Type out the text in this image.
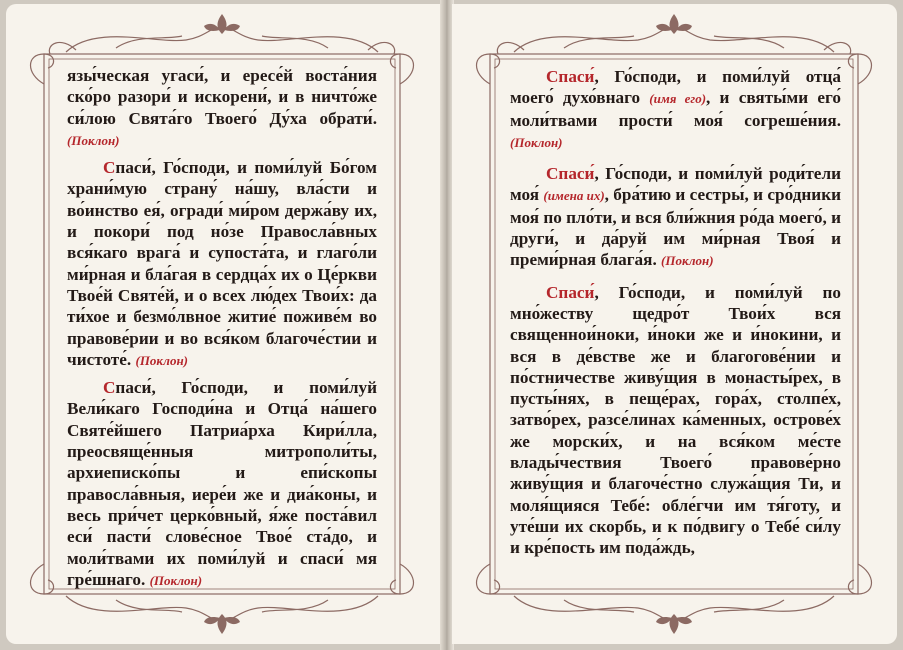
язы́ческая угаси́, и ересе́й воста́ния ско́ро разори́ и искорени́, и в ничто́же си́лою Свята́го Твоего́ Ду́ха обрати́. (Поклон)

Спаси́, Го́споди, и поми́луй Бо́гом храни́мую страну́ на́шу, вла́сти и во́инство ея́, огради́ ми́ром держа́ву их, и покори́ под но́зе Правосла́вных вся́каго врага́ и супоста́та, и глаго́ли ми́рная и бла́гая в сердца́х их о Це́ркви Твое́й Святе́й, и о всех лю́дех Твои́х: да ти́хое и безмо́лвное житие́ поживе́м во правове́рии и во вся́ком благоче́стии и чистоте́. (Поклон)

Спаси́, Го́споди, и поми́луй Вели́каго Господи́на и Отца́ на́шего Святе́йшего Патриа́рха Кири́лла, преосвяще́нныя митрополи́ты, архиеписко́пы и епи́скопы правосла́вныя, иере́и же и диа́коны, и весь при́чет церко́вный, я́же поста́вил еси́ пасти́ слове́сное Твое́ ста́до, и моли́твами их поми́луй и спаси́ мя гре́шнаго. (Поклон)

Спаси́, Го́споди, и поми́луй отца́ моего́ духо́внаго (имя его), и святы́ми его́ моли́твами прости́ моя́ согреше́ния. (Поклон)

Спаси́, Го́споди, и поми́луй роди́тели моя́ (имена их), бра́тию и сестры́, и сро́дники моя́ по пло́ти, и вся бли́жния ро́да моего́, и други́, и да́руй им ми́рная Твоя́ и преми́рная блага́я. (Поклон)

Спаси́, Го́споди, и поми́луй по мно́жеству щедро́т Твои́х вся священнои́ноки, и́ноки же и и́нокини, и вся в де́встве же и благогове́нии и по́стничестве живу́щия в монасты́рех, в пусты́нях, в пеще́рах, гора́х, столпе́х, затво́рех, разсе́линах ка́менных, острове́х же морски́х, и на вся́ком ме́сте влады́чествия Твоего́ правове́рно живу́щия и благоче́стно служа́щия Ти, и моля́щияся Тебе́: обле́гчи им тя́готу, и уте́ши их скорбь, и к по́двигу о Тебе́ си́лу и кре́пость им пода́ждь,
